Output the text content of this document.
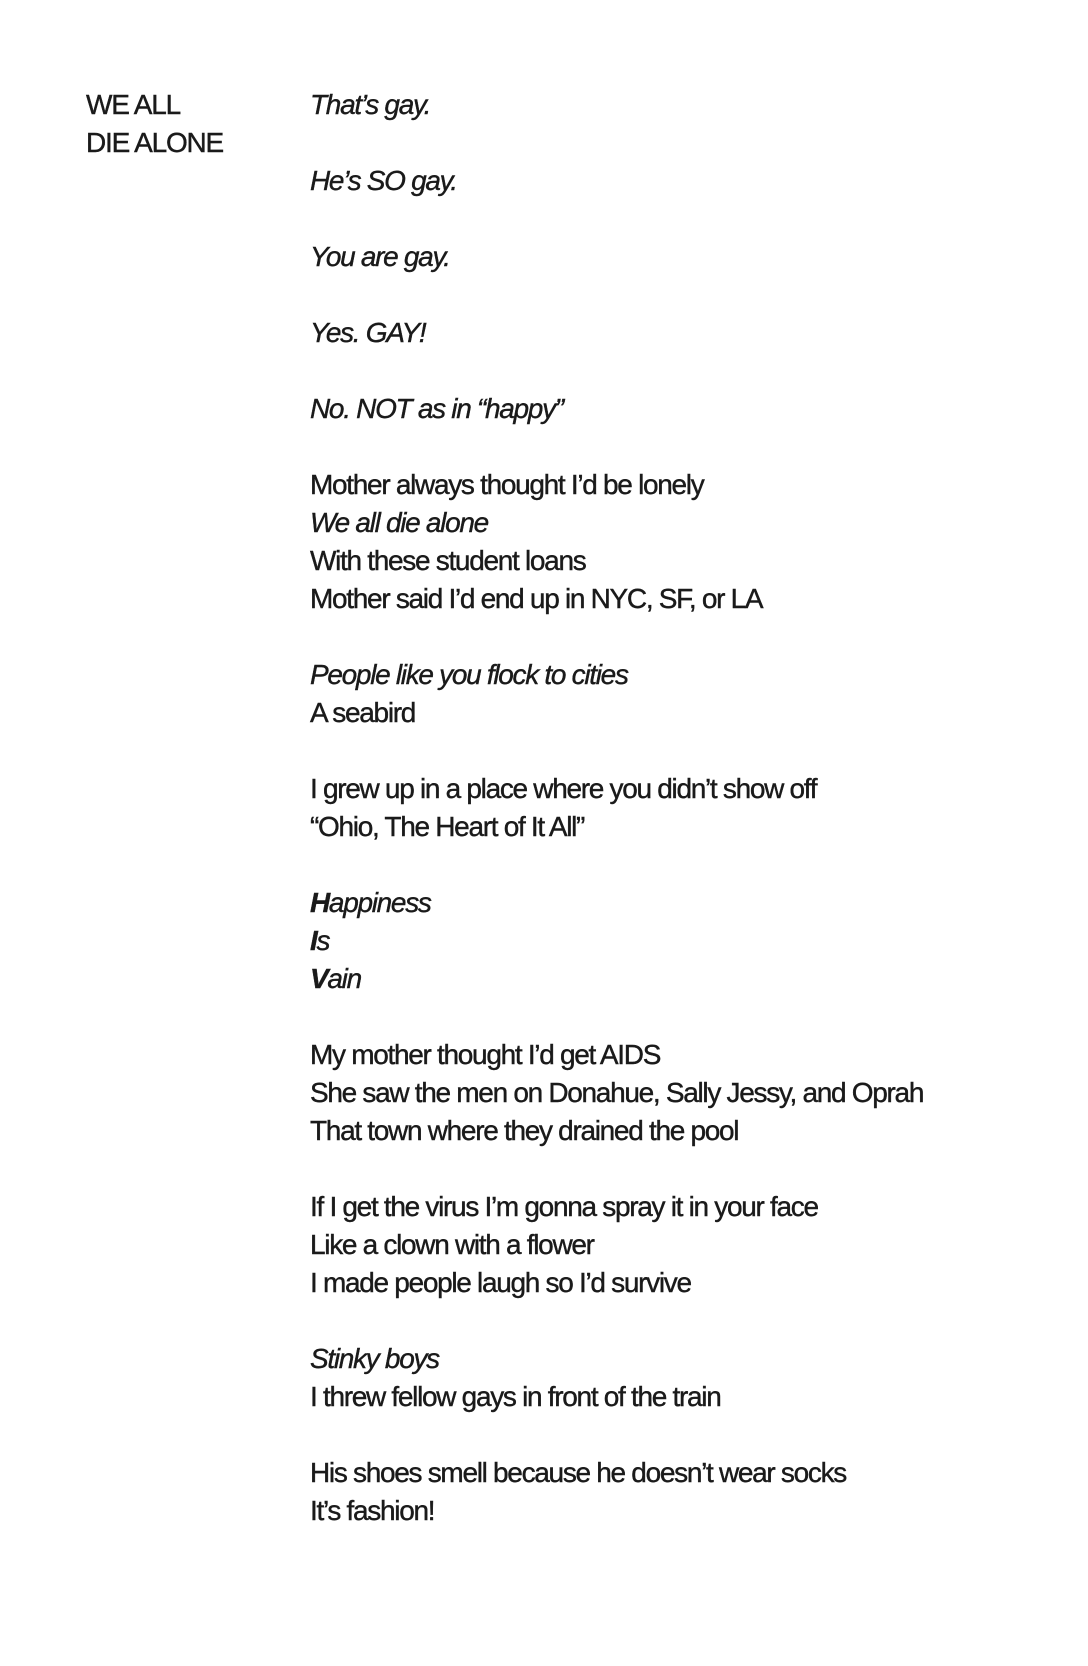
WE ALL
DIE ALONE
That’s gay.
He’s SO gay.
You are gay.
Yes. GAY!
No. NOT as in “happy”
Mother always thought I’d be lonely
We all die alone
With these student loans
Mother said I’d end up in NYC, SF, or LA
People like you flock to cities
A seabird
I grew up in a place where you didn’t show off
“Ohio, The Heart of It All”
Happiness
Is
Vain
My mother thought I’d get AIDS
She saw the men on Donahue, Sally Jessy, and Oprah
That town where they drained the pool
If I get the virus I’m gonna spray it in your face
Like a clown with a flower
I made people laugh so I’d survive
Stinky boys
I threw fellow gays in front of the train
His shoes smell because he doesn’t wear socks
It’s fashion!
